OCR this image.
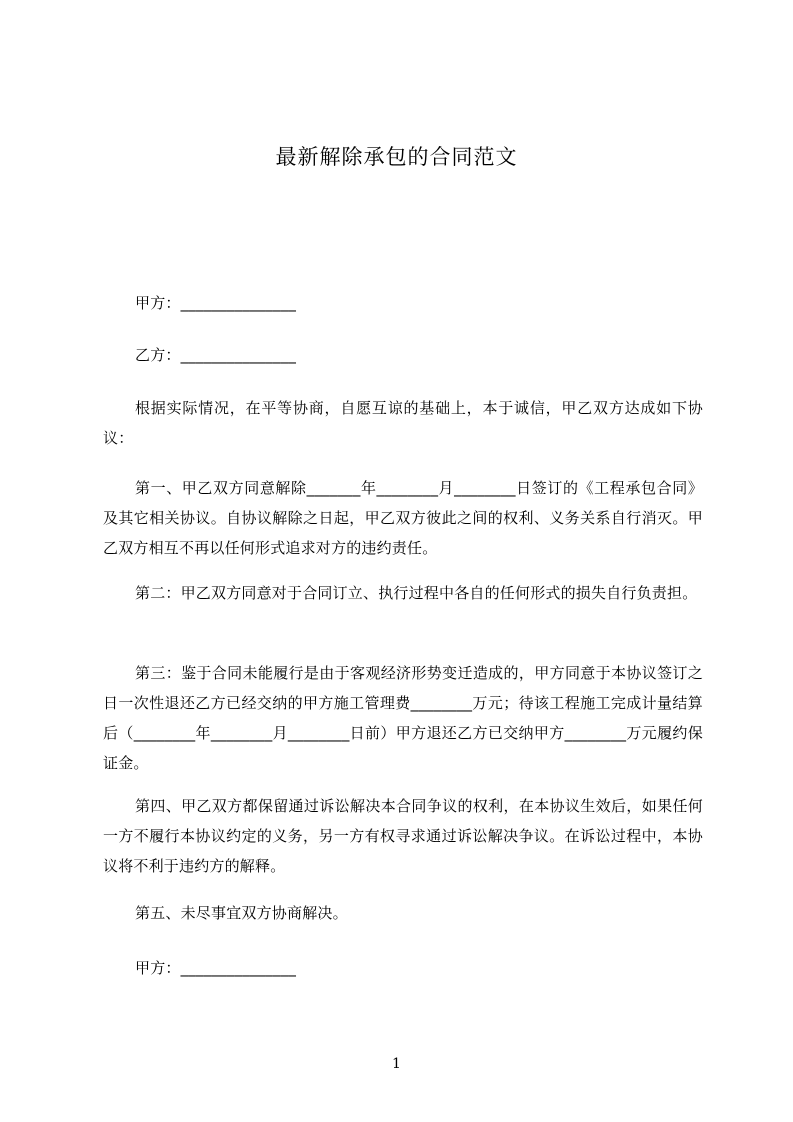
最新解除承包的合同范文

甲方：_______________

乙方：_______________

根据实际情况，在平等协商，自愿互谅的基础上，本于诚信，甲乙双方达成如下协议：

第一、甲乙双方同意解除_______年________月________日签订的《工程承包合同》及其它相关协议。自协议解除之日起，甲乙双方彼此之间的权利、义务关系自行消灭。甲乙双方相互不再以任何形式追求对方的违约责任。

第二：甲乙双方同意对于合同订立、执行过程中各自的任何形式的损失自行负责担。

第三：鉴于合同未能履行是由于客观经济形势变迁造成的，甲方同意于本协议签订之日一次性退还乙方已经交纳的甲方施工管理费________万元；待该工程施工完成计量结算后（________年________月________日前）甲方退还乙方已交纳甲方________万元履约保证金。

第四、甲乙双方都保留通过诉讼解决本合同争议的权利，在本协议生效后，如果任何一方不履行本协议约定的义务，另一方有权寻求通过诉讼解决争议。在诉讼过程中，本协议将不利于违约方的解释。

第五、未尽事宜双方协商解决。

甲方：_______________

1
